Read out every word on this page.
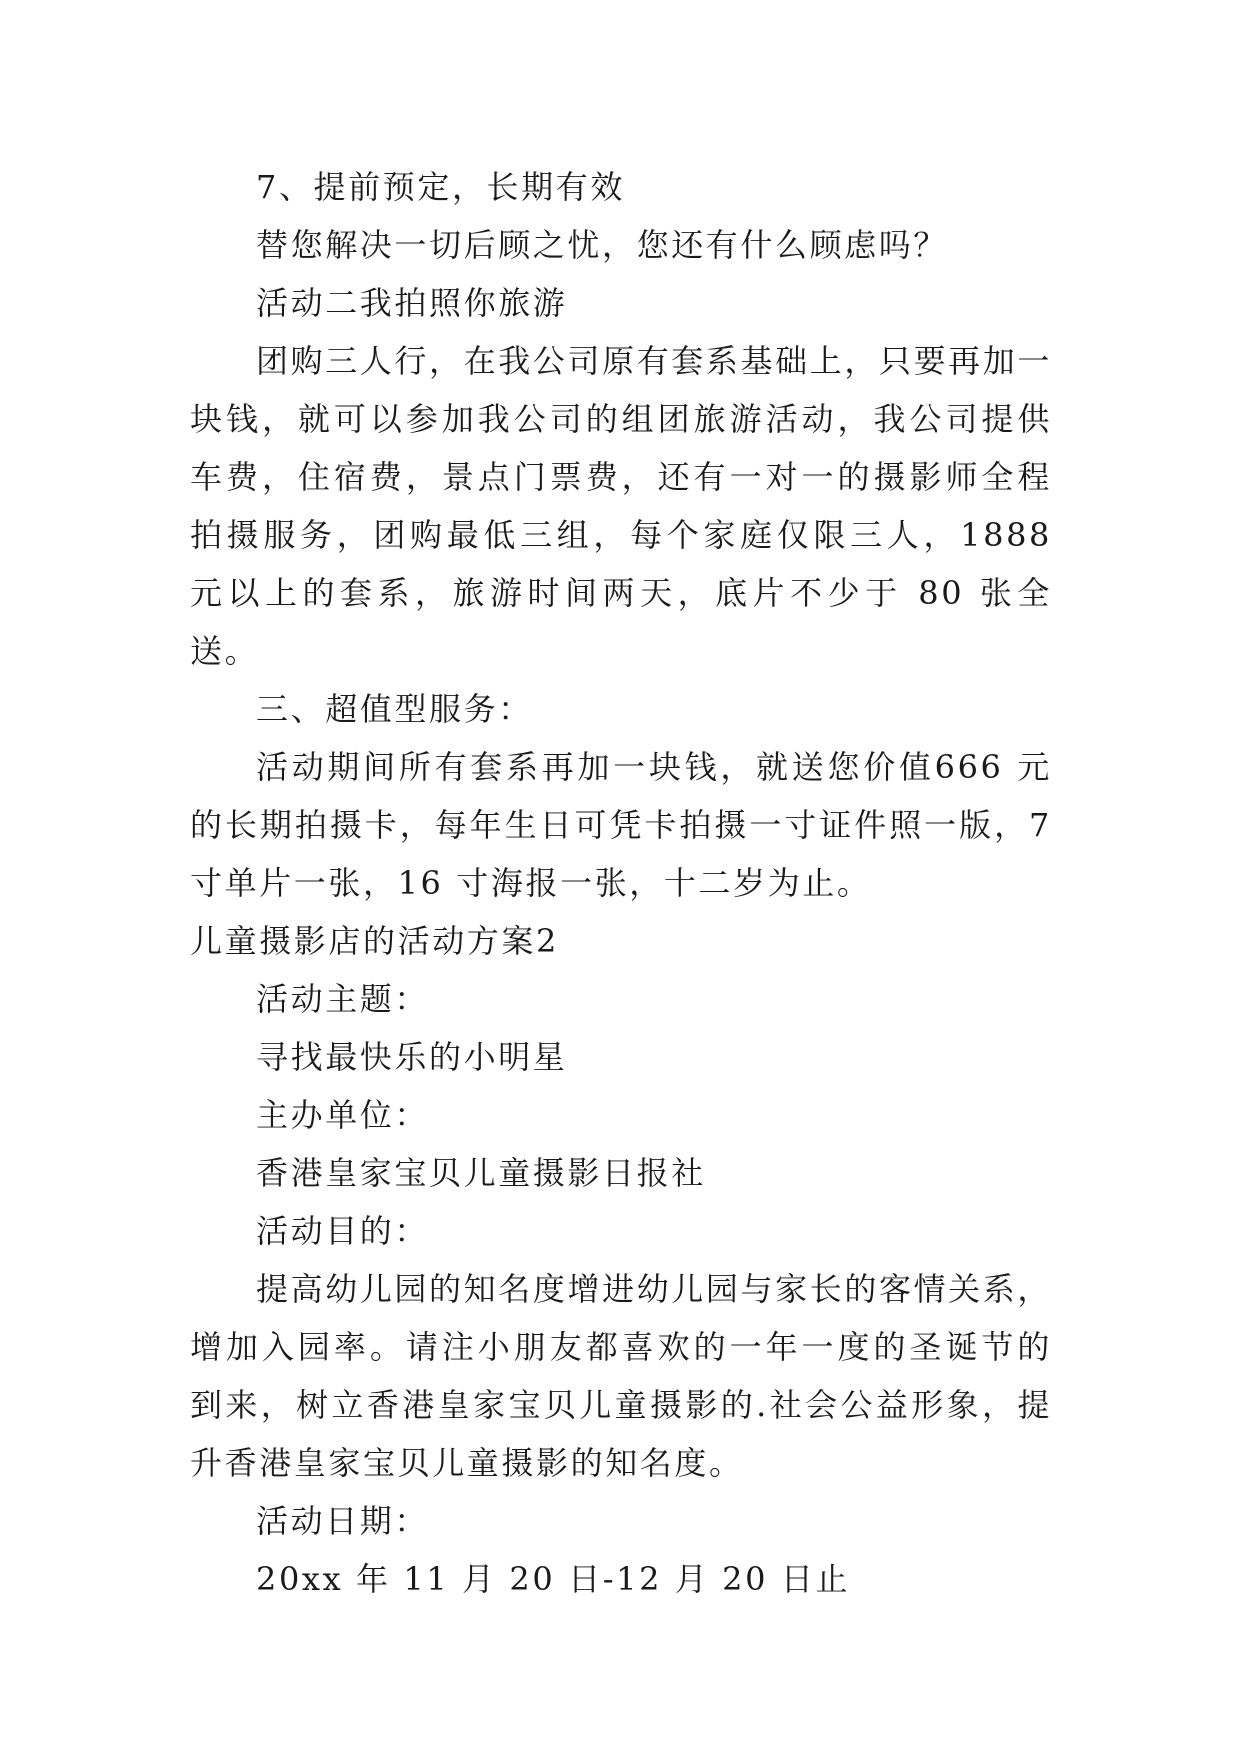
7、提前预定，长期有效

替您解决一切后顾之忧，您还有什么顾虑吗？

活动二我拍照你旅游

团购三人行，在我公司原有套系基础上，只要再加一块钱，就可以参加我公司的组团旅游活动，我公司提供车费，住宿费，景点门票费，还有一对一的摄影师全程拍摄服务，团购最低三组，每个家庭仅限三人，1888 元以上的套系，旅游时间两天，底片不少于 80 张全送。

三、超值型服务：

活动期间所有套系再加一块钱，就送您价值666 元的长期拍摄卡，每年生日可凭卡拍摄一寸证件照一版，7 寸单片一张，16 寸海报一张，十二岁为止。

儿童摄影店的活动方案2

活动主题：

寻找最快乐的小明星

主办单位：

香港皇家宝贝儿童摄影日报社

活动目的：

提高幼儿园的知名度增进幼儿园与家长的客情关系，增加入园率。请注小朋友都喜欢的一年一度的圣诞节的到来，树立香港皇家宝贝儿童摄影的.社会公益形象，提升香港皇家宝贝儿童摄影的知名度。

活动日期：

20xx 年 11 月 20 日-12 月 20 日止
